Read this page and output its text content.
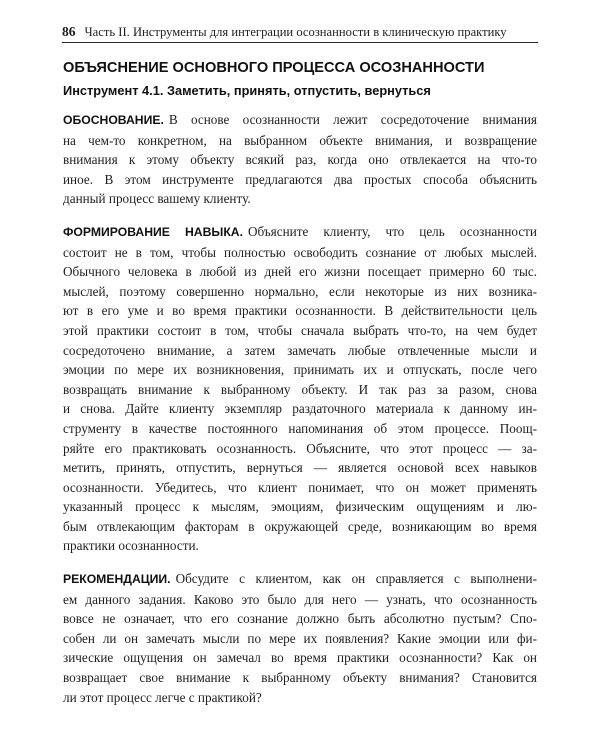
86 Часть II. Инструменты для интеграции осознанности в клиническую практику
ОБЪЯСНЕНИЕ ОСНОВНОГО ПРОЦЕССА ОСОЗНАННОСТИ
Инструмент 4.1. Заметить, принять, отпустить, вернуться

ОБОСНОВАНИЕ. В основе осознанности лежит сосредоточение внимания
на чем-то конкретном, на выбранном объекте внимания, и возвращение
внимания к этому объекту всякий раз, когда оно отвлекается на что-то
иное. В этом инструменте предлагаются два простых способа объяснить
данный процесс вашему клиенту.

ФОРМИРОВАНИЕ НАВЫКА. Объясните клиенту, что цель осознанности
состоит не в том, чтобы полностью освободить сознание от любых мыслей.
Обычного человека в любой из дней его жизни посещает примерно 60 тыс.
мыслей, поэтому совершенно нормально, если некоторые из них возника-
ют в его уме и во время практики осознанности. В действительности цель
этой практики состоит в том, чтобы сначала выбрать что-то, на чем будет
сосредоточено внимание, а затем замечать любые отвлеченные мысли и
эмоции по мере их возникновения, принимать их и отпускать, после чего
возвращать внимание к выбранному объекту. И так раз за разом, снова
и снова. Дайте клиенту экземпляр раздаточного материала к данному ин-
струменту в качестве постоянного напоминания об этом процессе. Поощ-
ряйте его практиковать осознанность. Объясните, что этот процесс — за-
метить, принять, отпустить, вернуться — является основой всех навыков
осознанности. Убедитесь, что клиент понимает, что он может применять
указанный процесс к мыслям, эмоциям, физическим ощущениям и лю-
бым отвлекающим факторам в окружающей среде, возникающим во время
практики осознанности.

РЕКОМЕНДАЦИИ. Обсудите с клиентом, как он справляется с выполнени-
ем данного задания. Каково это было для него — узнать, что осознанность
вовсе не означает, что его сознание должно быть абсолютно пустым? Спо-
собен ли он замечать мысли по мере их появления? Какие эмоции или фи-
зические ощущения он замечал во время практики осознанности? Как он
возвращает свое внимание к выбранному объекту внимания? Становится
ли этот процесс легче с практикой?
